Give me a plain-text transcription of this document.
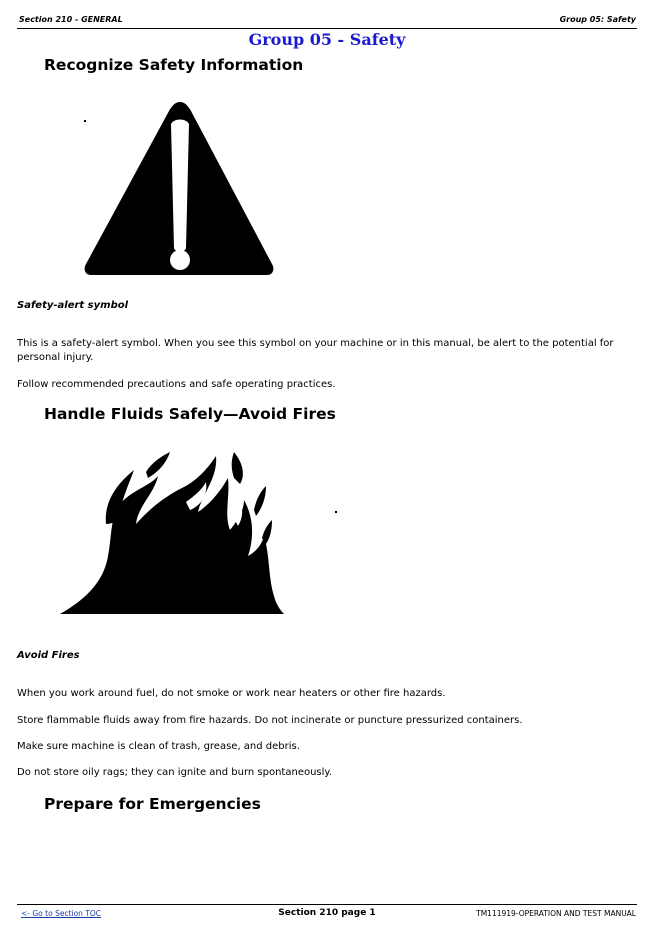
Section 210 - GENERAL	Group 05: Safety
Group 05 - Safety
Recognize Safety Information
Safety-alert symbol
This is a safety-alert symbol. When you see this symbol on your machine or in this manual, be alert to the potential for personal injury.
Follow recommended precautions and safe operating practices.
Handle Fluids Safely—Avoid Fires
Avoid Fires
When you work around fuel, do not smoke or work near heaters or other fire hazards.
Store flammable fluids away from fire hazards. Do not incinerate or puncture pressurized containers.
Make sure machine is clean of trash, grease, and debris.
Do not store oily rags; they can ignite and burn spontaneously.
Prepare for Emergencies
<- Go to Section TOC	Section 210 page 1	TM111919-OPERATION AND TEST MANUAL
